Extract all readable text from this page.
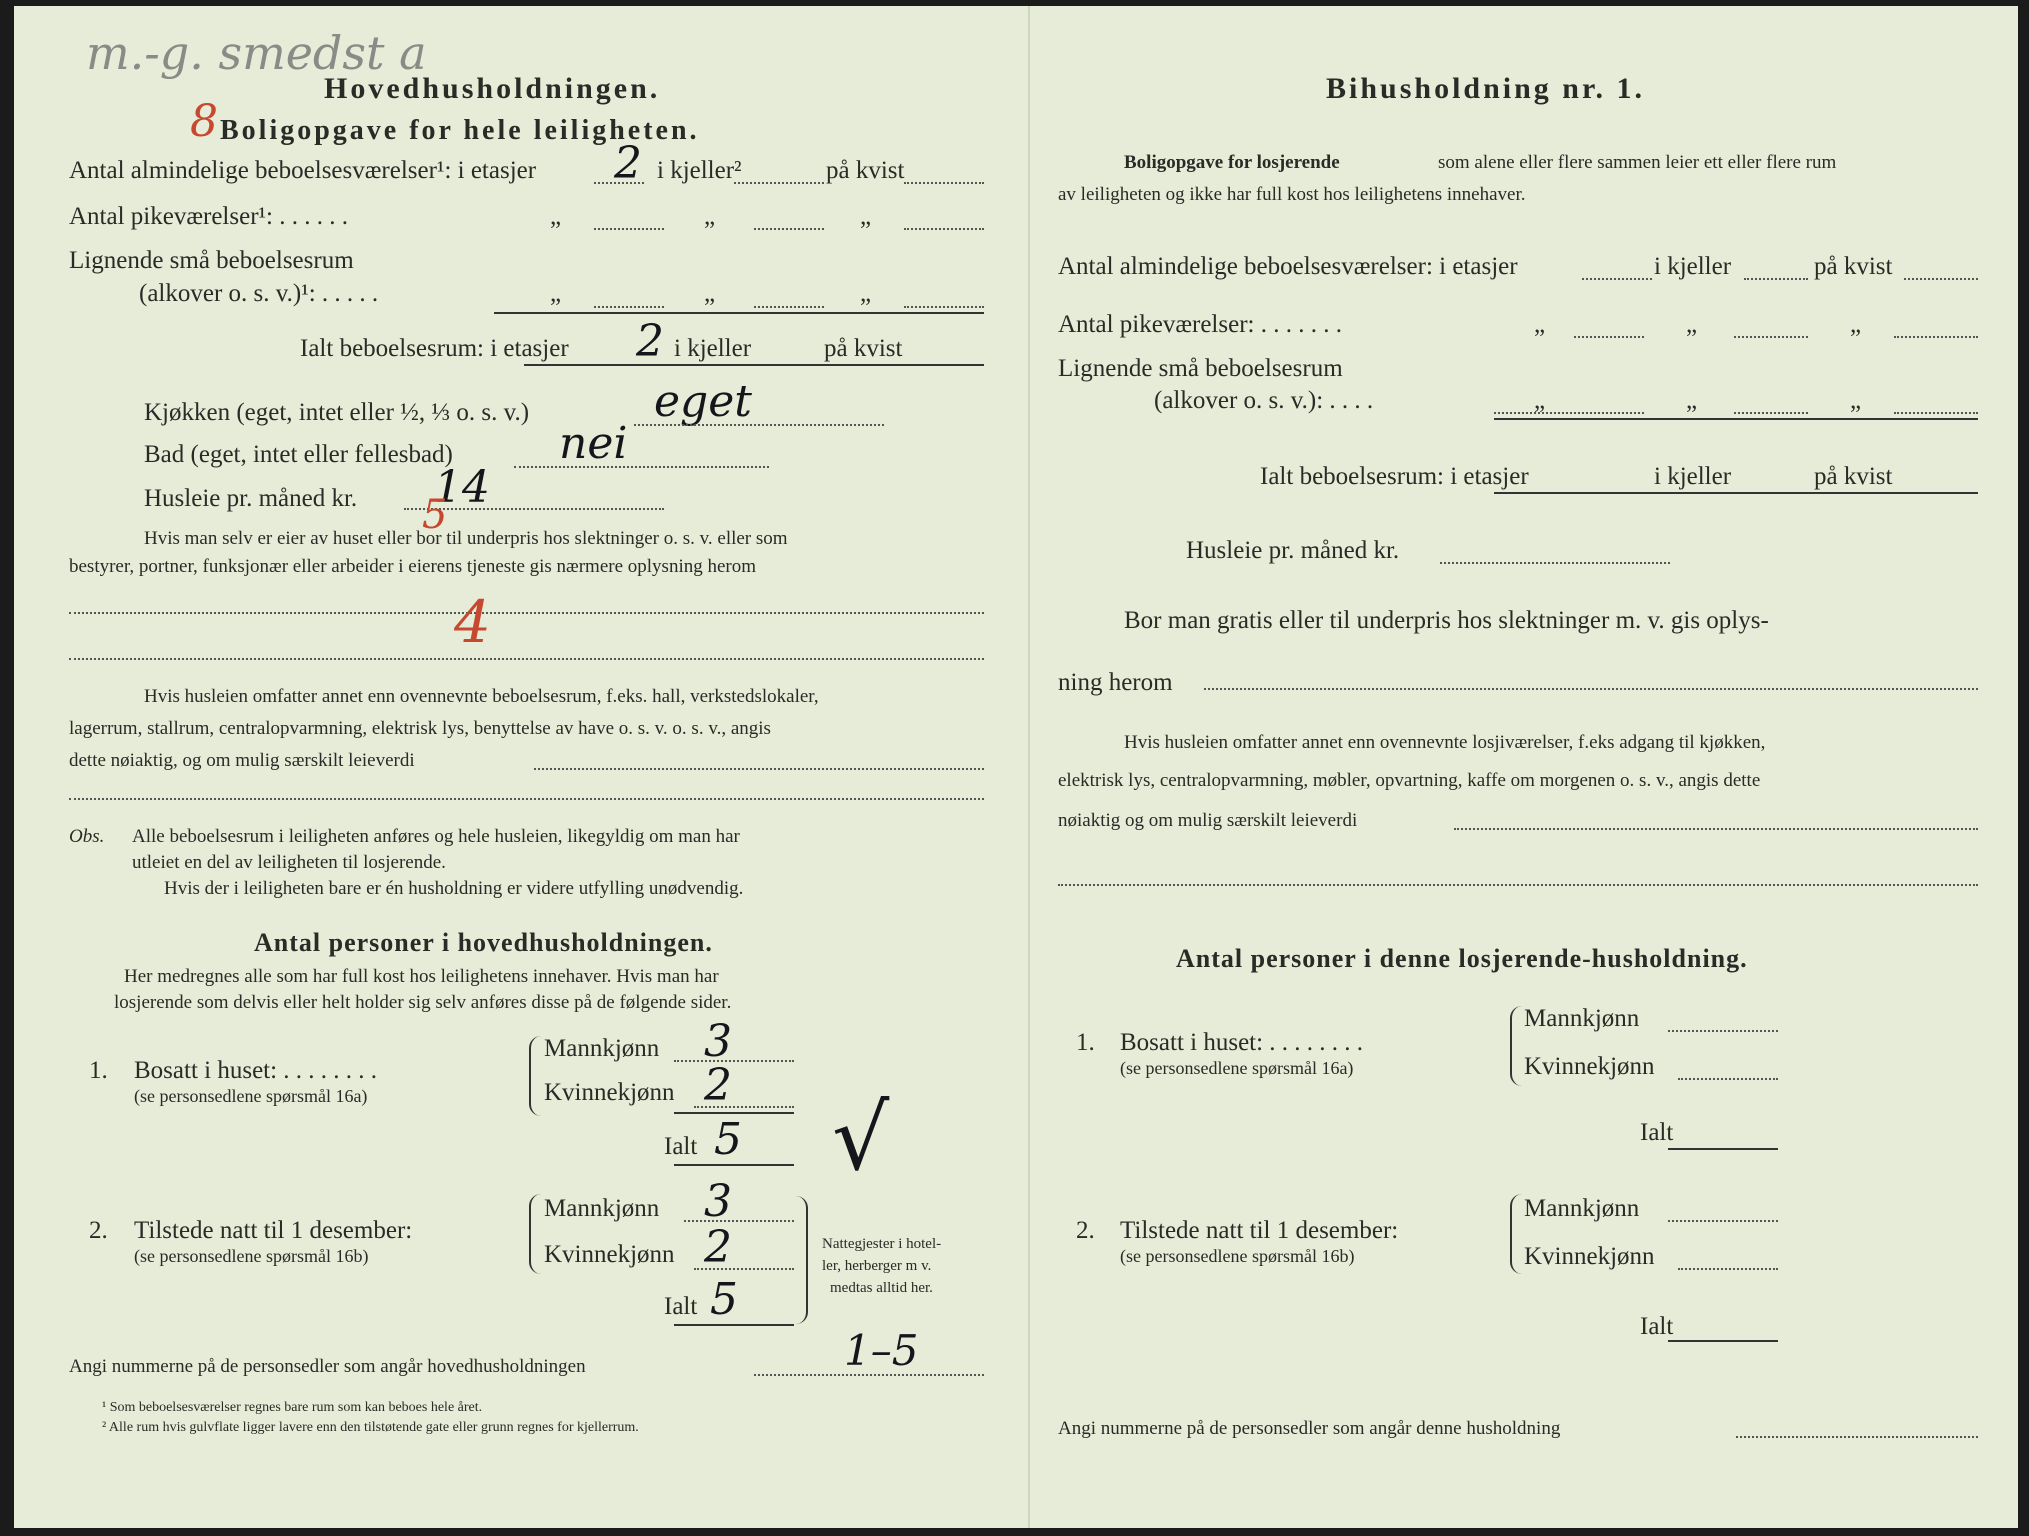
m.-g. smedst a
8
Hovedhusholdningen.
Boligopgave for hele leiligheten.
Antal almindelige beboelsesværelser¹: i etasjer 2 i kjeller²	på kvist
Antal pikeværelser¹: . . . . . .	„	„	„
Lignende små beboelsesrum
(alkover o. s. v.)¹: . . . . .	„	„	„
Ialt beboelsesrum: i etasjer 2 i kjeller	på kvist
Kjøkken (eget, intet eller ½, ⅓ o. s. v.)	eget
Bad (eget, intet eller fellesbad) nei
Husleie pr. måned kr. 14
5
Hvis man selv er eier av huset eller bor til underpris hos slektninger o. s. v. eller som
bestyrer, portner, funksjonær eller arbeider i eierens tjeneste gis nærmere oplysning herom
4
Hvis husleien omfatter annet enn ovennevnte beboelsesrum, f.eks. hall, verkstedslokaler,
lagerrum, stallrum, centralopvarmning, elektrisk lys, benyttelse av have o. s. v. o. s. v., angis
dette nøiaktig, og om mulig særskilt leieverdi
Obs. Alle beboelsesrum i leiligheten anføres og hele husleien, likegyldig om man har
utleiet en del av leiligheten til losjerende.
Hvis der i leiligheten bare er én husholdning er videre utfylling unødvendig.
Antal personer i hovedhusholdningen.
Her medregnes alle som har full kost hos leilighetens innehaver. Hvis man har
losjerende som delvis eller helt holder sig selv anføres disse på de følgende sider.
1. Bosatt i huset: . . . . . . . .
(se personsedlene spørsmål 16a)
Mannkjønn 3
Kvinnekjønn 2
Ialt 5 √
2. Tilstede natt til 1 desember:
(se personsedlene spørsmål 16b)
Mannkjønn 3
Kvinnekjønn 2
Ialt 5
Nattegjester i hotel-
ler, herberger m v.
medtas alltid her.
Angi nummerne på de personsedler som angår hovedhusholdningen	1–5
¹ Som beboelsesværelser regnes bare rum som kan beboes hele året.
² Alle rum hvis gulvflate ligger lavere enn den tilstøtende gate eller grunn regnes for kjellerrum.
Bihusholdning nr. 1.
Boligopgave for losjerende	som alene eller flere sammen leier ett eller flere rum
av leiligheten og ikke har full kost hos leilighetens innehaver.
Antal almindelige beboelsesværelser: i etasjer	i kjeller	på kvist
Antal pikeværelser: . . . . . . .	„	„	„
Lignende små beboelsesrum
(alkover o. s. v.): . . . .	„	„	„
Ialt beboelsesrum: i etasjer	i kjeller	på kvist
Husleie pr. måned kr.
Bor man gratis eller til underpris hos slektninger m. v. gis oplys-
ning herom
Hvis husleien omfatter annet enn ovennevnte losjiværelser, f.eks adgang til kjøkken,
elektrisk lys, centralopvarmning, møbler, opvartning, kaffe om morgenen o. s. v., angis dette
nøiaktig og om mulig særskilt leieverdi
Antal personer i denne losjerende-husholdning.
1. Bosatt i huset: . . . . . . . .
(se personsedlene spørsmål 16a)
Mannkjønn
Kvinnekjønn
Ialt
2. Tilstede natt til 1 desember:
(se personsedlene spørsmål 16b)
Mannkjønn
Kvinnekjønn
Ialt
Angi nummerne på de personsedler som angår denne husholdning
